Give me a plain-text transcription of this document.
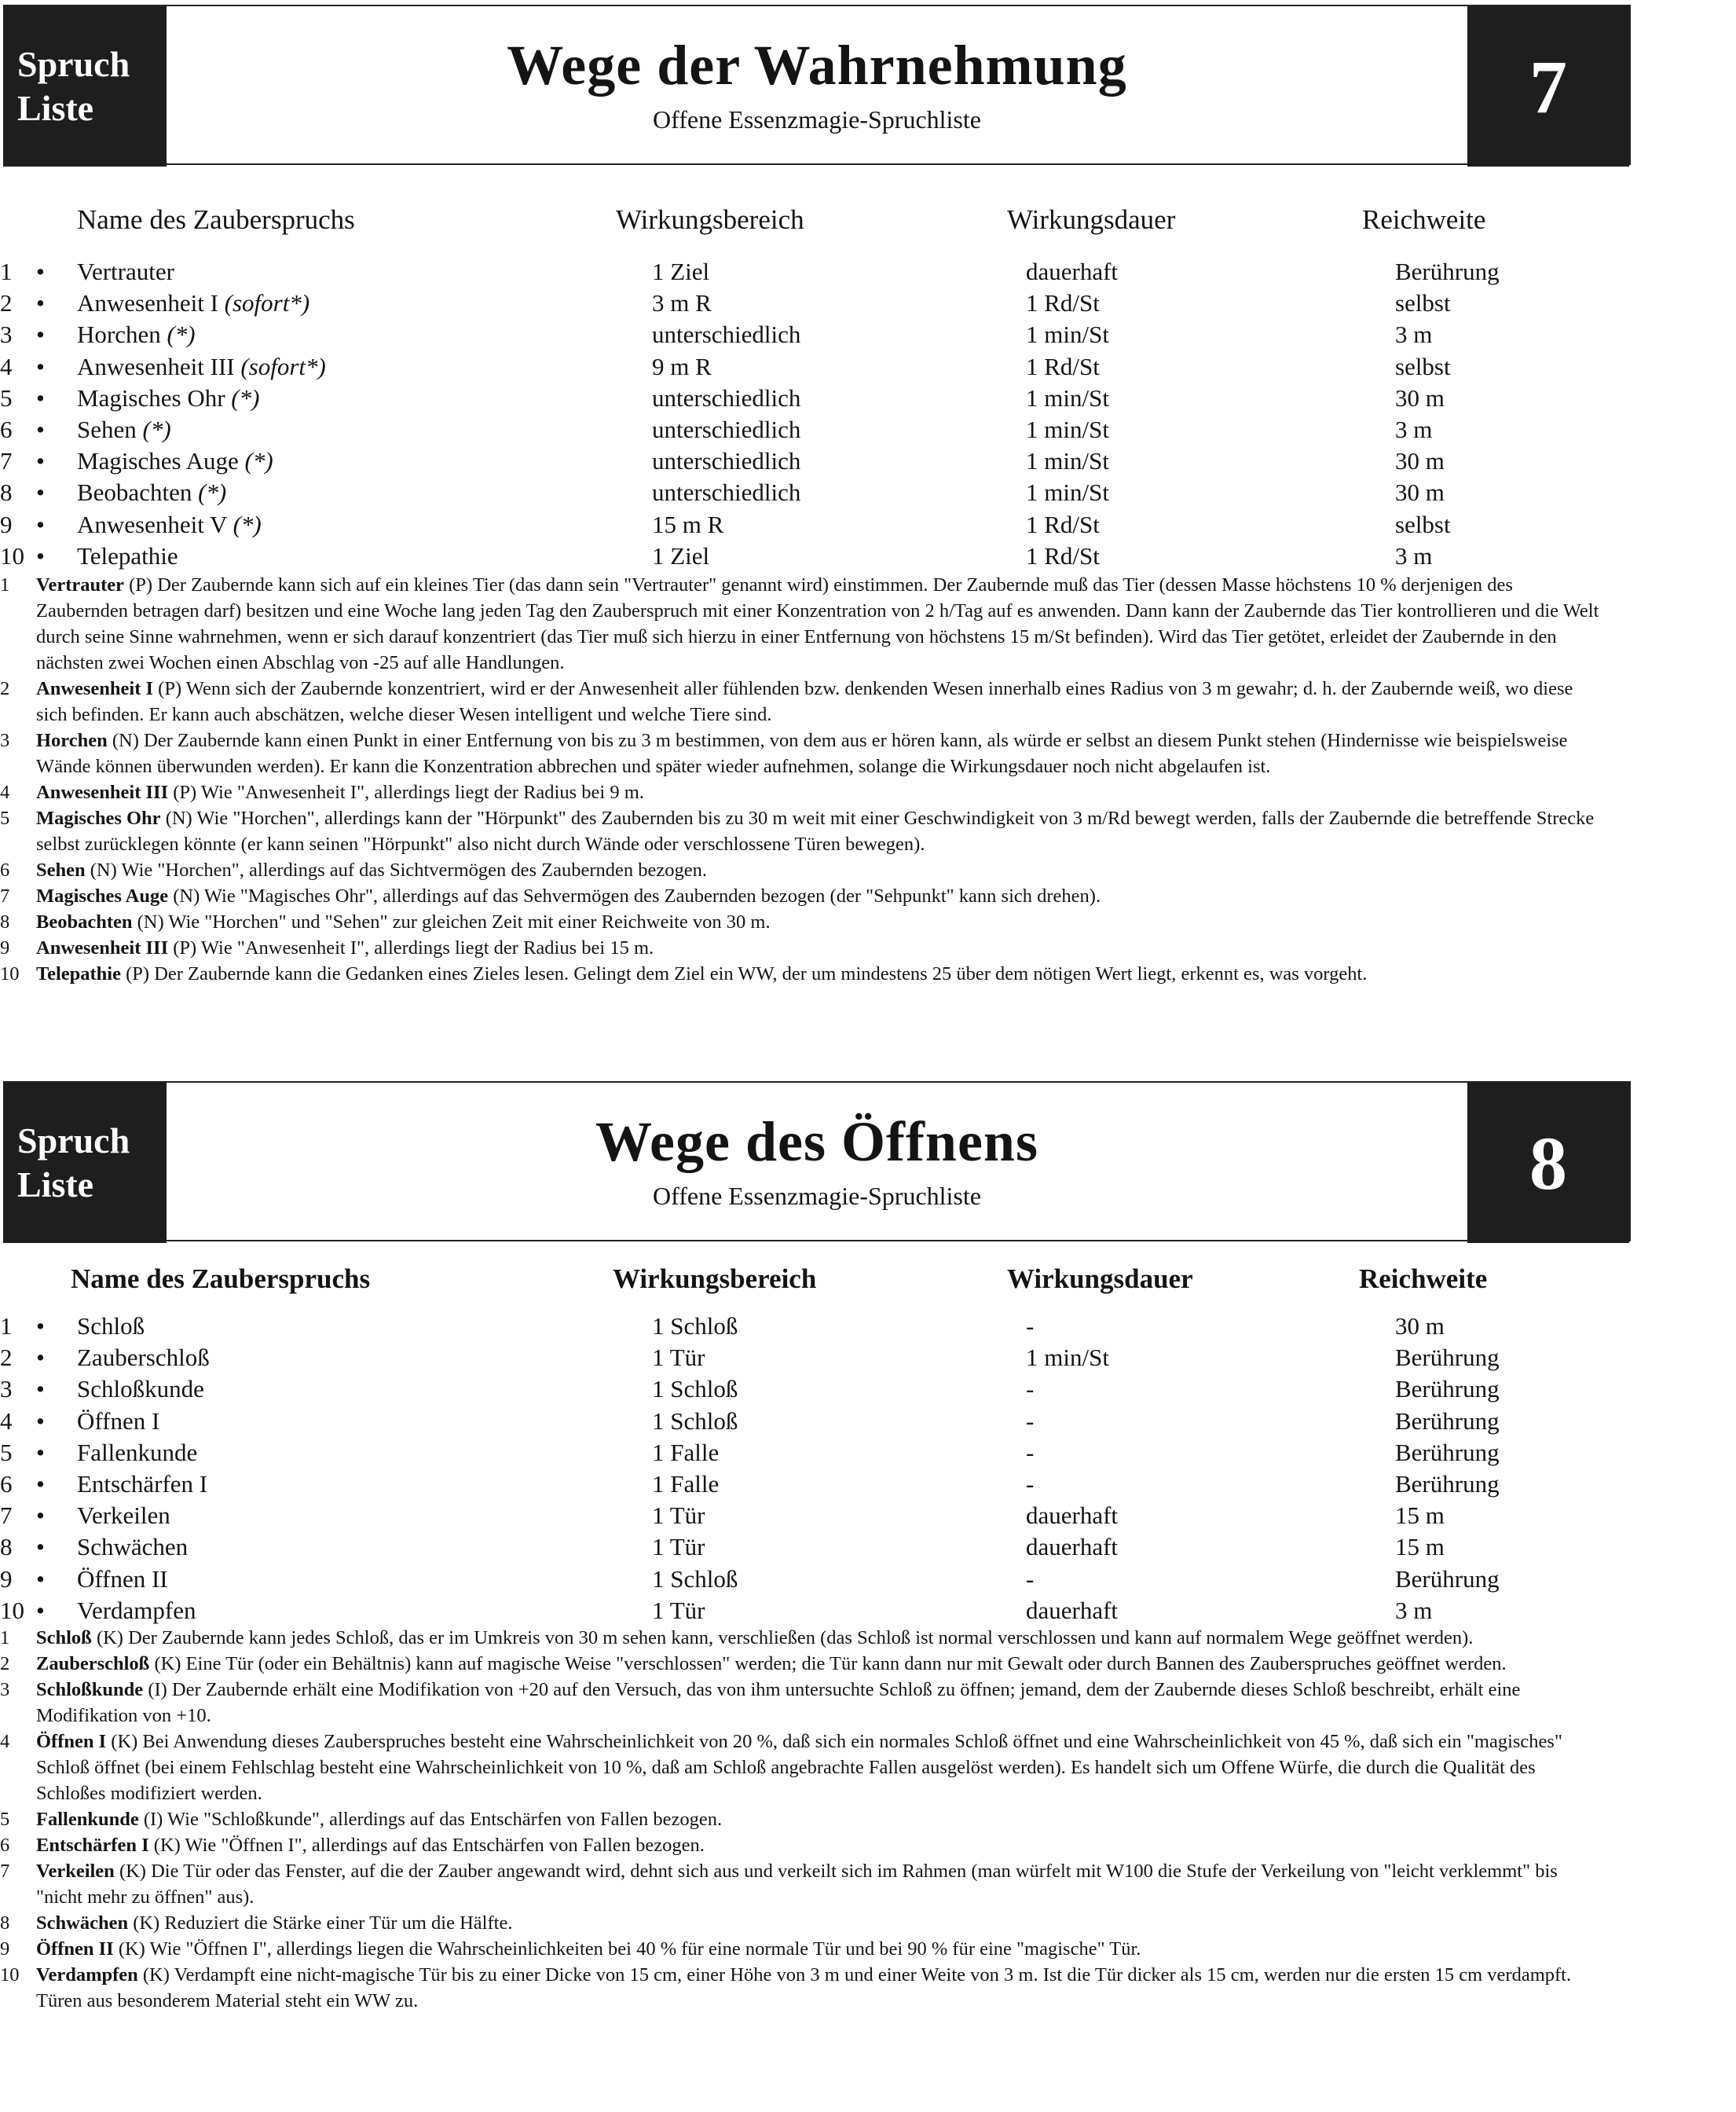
Spruch
Liste
Wege der Wahrnehmung
Offene Essenzmagie-Spruchliste	7
Name des Zauberspruchs	Wirkungsbereich	Wirkungsdauer	Reichweite
1	Vertrauter	1 Ziel	dauerhaft	Berührung
•
2	Anwesenheit I (sofort*)	3 m R	1 Rd/St	selbst
•
3	Horchen (*)	unterschiedlich	1 min/St	3 m
•
4	Anwesenheit III (sofort*)	9 m R	1 Rd/St	selbst
•
5	Magisches Ohr (*)	unterschiedlich	1 min/St	30 m
•
6	Sehen (*)	unterschiedlich	1 min/St	3 m
•
7	Magisches Auge (*)	unterschiedlich	1 min/St	30 m
•
8	Beobachten (*)	unterschiedlich	1 min/St	30 m
•
9	Anwesenheit V (*)	15 m R	1 Rd/St	selbst
•
10 Telepathie	1 Ziel	1 Rd/St	3 m
•

1 Vertrauter (P) Der Zaubernde kann sich auf ein kleines Tier (das dann sein "Vertrauter" genannt wird) einstimmen. Der Zaubernde muß das Tier (dessen Masse höchstens 10 % derjenigen des Zaubernden betragen darf) besitzen und eine Woche lang jeden Tag den Zauberspruch mit einer Konzentration von 2 h/Tag auf es anwenden. Dann kann der Zaubernde das Tier kontrollieren und die Welt durch seine Sinne wahrnehmen, wenn er sich darauf konzentriert (das Tier muß sich hierzu in einer Entfernung von höchstens 15 m/St befinden). Wird das Tier getötet, erleidet der Zaubernde in den nächsten zwei Wochen einen Abschlag von -25 auf alle Handlungen.

2 Anwesenheit I (P) Wenn sich der Zaubernde konzentriert, wird er der Anwesenheit aller fühlenden bzw. denkenden Wesen innerhalb eines Radius von 3 m gewahr; d. h. der Zaubernde weiß, wo diese sich befinden. Er kann auch abschätzen, welche dieser Wesen intelligent und welche Tiere sind.

3 Horchen (N) Der Zaubernde kann einen Punkt in einer Entfernung von bis zu 3 m bestimmen, von dem aus er hören kann, als würde er selbst an diesem Punkt stehen (Hindernisse wie beispielsweise Wände können überwunden werden). Er kann die Konzentration abbrechen und später wieder aufnehmen, solange die Wirkungsdauer noch nicht abgelaufen ist.

4 Anwesenheit III (P) Wie "Anwesenheit I", allerdings liegt der Radius bei 9 m.

5 Magisches Ohr (N) Wie "Horchen", allerdings kann der "Hörpunkt" des Zaubernden bis zu 30 m weit mit einer Geschwindigkeit von 3 m/Rd bewegt werden, falls der Zaubernde die betreffende Strecke selbst zurücklegen könnte (er kann seinen "Hörpunkt" also nicht durch Wände oder verschlossene Türen bewegen).

6 Sehen (N) Wie "Horchen", allerdings auf das Sichtvermögen des Zaubernden bezogen.

7 Magisches Auge (N) Wie "Magisches Ohr", allerdings auf das Sehvermögen des Zaubernden bezogen (der "Sehpunkt" kann sich drehen).

8 Beobachten (N) Wie "Horchen" und "Sehen" zur gleichen Zeit mit einer Reichweite von 30 m.

9 Anwesenheit III (P) Wie "Anwesenheit I", allerdings liegt der Radius bei 15 m.

10 Telepathie (P) Der Zaubernde kann die Gedanken eines Zieles lesen. Gelingt dem Ziel ein WW, der um mindestens 25 über dem nötigen Wert liegt, erkennt es, was vorgeht.

Spruch
Liste
Wege des Öffnens
Offene Essenzmagie-Spruchliste	8
Name des Zauberspruchs	Wirkungsbereich	Wirkungsdauer	Reichweite
1	Schloß	1 Schloß	-	30 m
•
2	Zauberschloß	1 Tür	1 min/St	Berührung
•
3	Schloßkunde	1 Schloß	-	Berührung
•
4	Öffnen I	1 Schloß	-	Berührung
•
5	Fallenkunde	1 Falle	-	Berührung
•
6	Entschärfen I	1 Falle	-	Berührung
•
7	Verkeilen	1 Tür	dauerhaft	15 m
•
8	Schwächen	1 Tür	dauerhaft	15 m
•
9	Öffnen II	1 Schloß	-	Berührung
•
10 Verdampfen	1 Tür	dauerhaft	3 m
•

1 Schloß (K) Der Zaubernde kann jedes Schloß, das er im Umkreis von 30 m sehen kann, verschließen (das Schloß ist normal verschlossen und kann auf normalem Wege geöffnet werden).

2 Zauberschloß (K) Eine Tür (oder ein Behältnis) kann auf magische Weise "verschlossen" werden; die Tür kann dann nur mit Gewalt oder durch Bannen des Zauberspruches geöffnet werden.

3 Schloßkunde (I) Der Zaubernde erhält eine Modifikation von +20 auf den Versuch, das von ihm untersuchte Schloß zu öffnen; jemand, dem der Zaubernde dieses Schloß beschreibt, erhält eine Modifikation von +10.

4 Öffnen I (K) Bei Anwendung dieses Zauberspruches besteht eine Wahrscheinlichkeit von 20 %, daß sich ein normales Schloß öffnet und eine Wahrscheinlichkeit von 45 %, daß sich ein "magisches" Schloß öffnet (bei einem Fehlschlag besteht eine Wahrscheinlichkeit von 10 %, daß am Schloß angebrachte Fallen ausgelöst werden). Es handelt sich um Offene Würfe, die durch die Qualität des Schloßes modifiziert werden.

5 Fallenkunde (I) Wie "Schloßkunde", allerdings auf das Entschärfen von Fallen bezogen.

6 Entschärfen I (K) Wie "Öffnen I", allerdings auf das Entschärfen von Fallen bezogen.

7 Verkeilen (K) Die Tür oder das Fenster, auf die der Zauber angewandt wird, dehnt sich aus und verkeilt sich im Rahmen (man würfelt mit W100 die Stufe der Verkeilung von "leicht verklemmt" bis "nicht mehr zu öffnen" aus).

8 Schwächen (K) Reduziert die Stärke einer Tür um die Hälfte.

9 Öffnen II (K) Wie "Öffnen I", allerdings liegen die Wahrscheinlichkeiten bei 40 % für eine normale Tür und bei 90 % für eine "magische" Tür.

10 Verdampfen (K) Verdampft eine nicht-magische Tür bis zu einer Dicke von 15 cm, einer Höhe von 3 m und einer Weite von 3 m. Ist die Tür dicker als 15 cm, werden nur die ersten 15 cm verdampft. Türen aus besonderem Material steht ein WW zu.
